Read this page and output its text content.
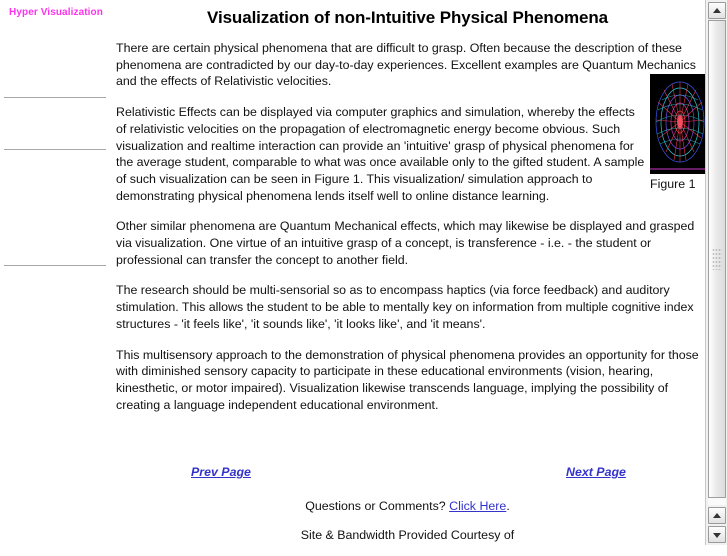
Hyper Visualization	Visualization of non-Intuitive Physical Phenomena

There are certain physical phenomena that are difficult to grasp. Often because the description of these phenomena are contradicted by our day-to-day experiences. Excellent examples are Quantum Mechanics and the effects of Relativistic velocities.

Relativistic Effects can be displayed via computer graphics and simulation, whereby the effects of relativistic velocities on the propagation of electromagnetic energy become obvious. Such visualization and realtime interaction can provide an 'intuitive' grasp of physical phenomena for the average student, comparable to what was once available only to the gifted student. A sample of such visualization can be seen in Figure 1. This visualization/ simulation approach to demonstrating physical phenomena lends itself well to online distance learning.

Other similar phenomena are Quantum Mechanical effects, which may likewise be displayed and grasped via visualization. One virtue of an intuitive grasp of a concept, is transference - i.e. - the student or professional can transfer the concept to another field.

The research should be multi-sensorial so as to encompass haptics (via force feedback) and auditory stimulation. This allows the student to be able to mentally key on information from multiple cognitive index structures - 'it feels like', 'it sounds like', 'it looks like', and 'it means'.

This multisensory approach to the demonstration of physical phenomena provides an opportunity for those with diminished sensory capacity to participate in these educational environments (vision, hearing, kinesthetic, or motor impaired). Visualization likewise transcends language, implying the possibility of creating a language independent educational environment.

Figure 1
Prev Page	Next Page
Questions or Comments? Click Here.
Site & Bandwidth Provided Courtesy of
